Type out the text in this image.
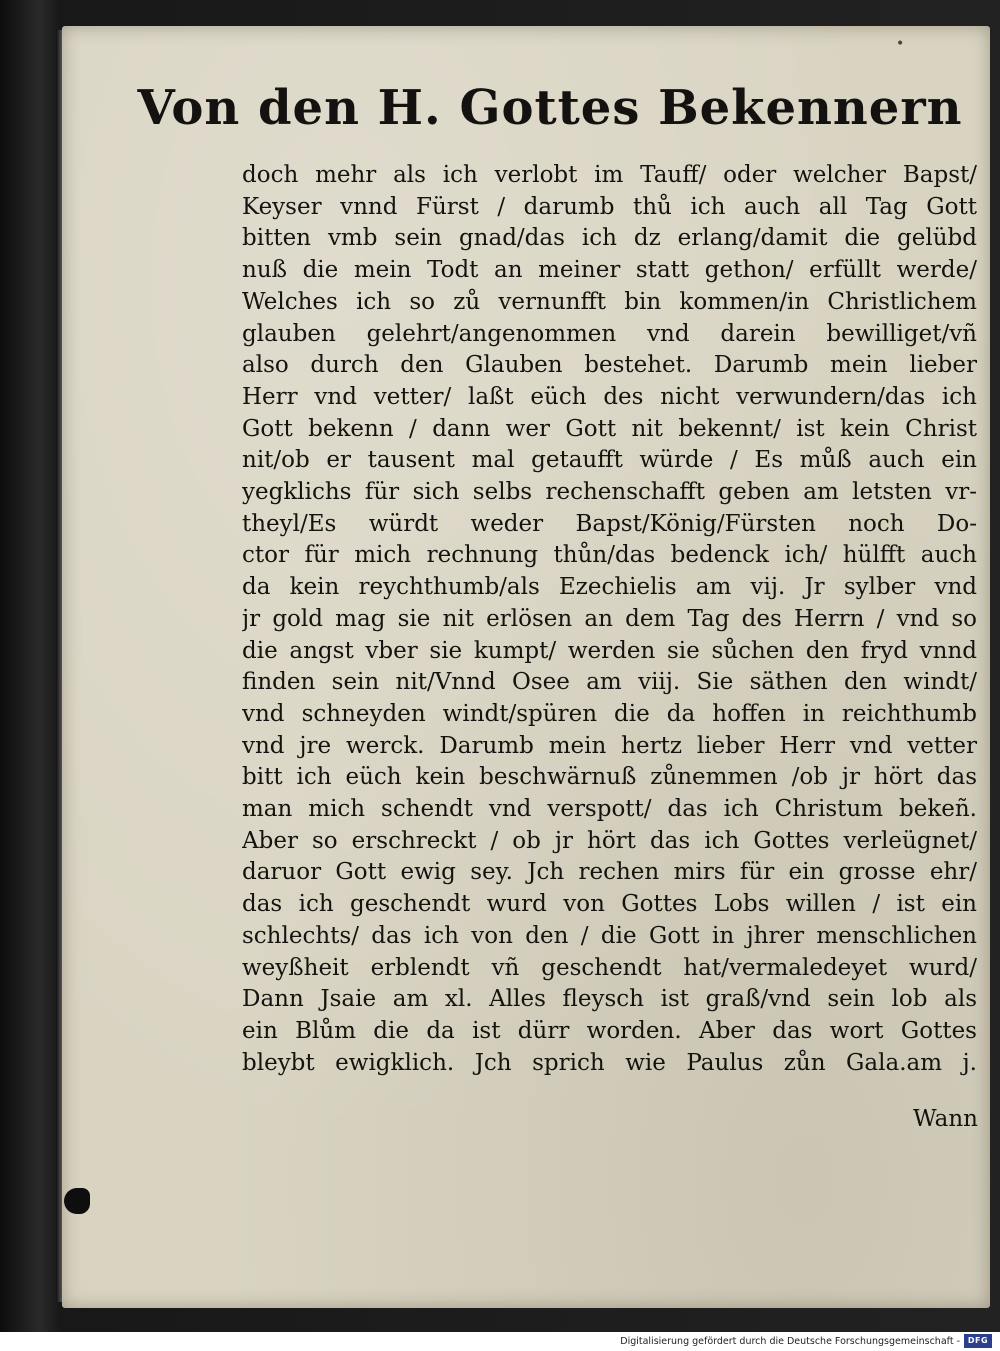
•
Von den H. Gottes Bekennern
doch mehr als ich verlobt im Tauff/ oder welcher Bapst/
Keyser vnnd Fürst / darumb thů ich auch all Tag Gott
bitten vmb sein gnad/das ich dz erlang/damit die gelübd
nuß die mein Todt an meiner statt gethon/ erfüllt werde/
Welches ich so zů vernunfft bin kommen/in Christlichem
glauben gelehrt/angenommen vnd darein bewilliget/vñ
also durch den Glauben bestehet. Darumb mein lieber
Herr vnd vetter/ laßt eüch des nicht verwundern/das ich
Gott bekenn / dann wer Gott nit bekennt/ ist kein Christ
nit/ob er tausent mal getaufft würde / Es můß auch ein
yegklichs für sich selbs rechenschafft geben am letsten vr-
theyl/Es würdt weder Bapst/König/Fürsten noch Do-
ctor für mich rechnung thůn/das bedenck ich/ hülfft auch
da kein reychthumb/als Ezechielis am vij. Jr sylber vnd
jr gold mag sie nit erlösen an dem Tag des Herrn / vnd so
die angst vber sie kumpt/ werden sie sůchen den fryd vnnd
finden sein nit/Vnnd Osee am viij. Sie säthen den windt/
vnd schneyden windt/spüren die da hoffen in reichthumb
vnd jre werck. Darumb mein hertz lieber Herr vnd vetter
bitt ich eüch kein beschwärnuß zůnemmen /ob jr hört das
man mich schendt vnd verspott/ das ich Christum bekeñ.
Aber so erschreckt / ob jr hört das ich Gottes verleügnet/
daruor Gott ewig sey. Jch rechen mirs für ein grosse ehr/
das ich geschendt wurd von Gottes Lobs willen / ist ein
schlechts/ das ich von den / die Gott in jhrer menschlichen
weyßheit erblendt vñ geschendt hat/vermaledeyet wurd/
Dann Jsaie am xl. Alles fleysch ist graß/vnd sein lob als
ein Blům die da ist dürr worden. Aber das wort Gottes
bleybt ewigklich. Jch sprich wie Paulus zůn Gala.am j.
Wann
Digitalisierung gefördert durch die Deutsche Forschungsgemeinschaft - DFG
